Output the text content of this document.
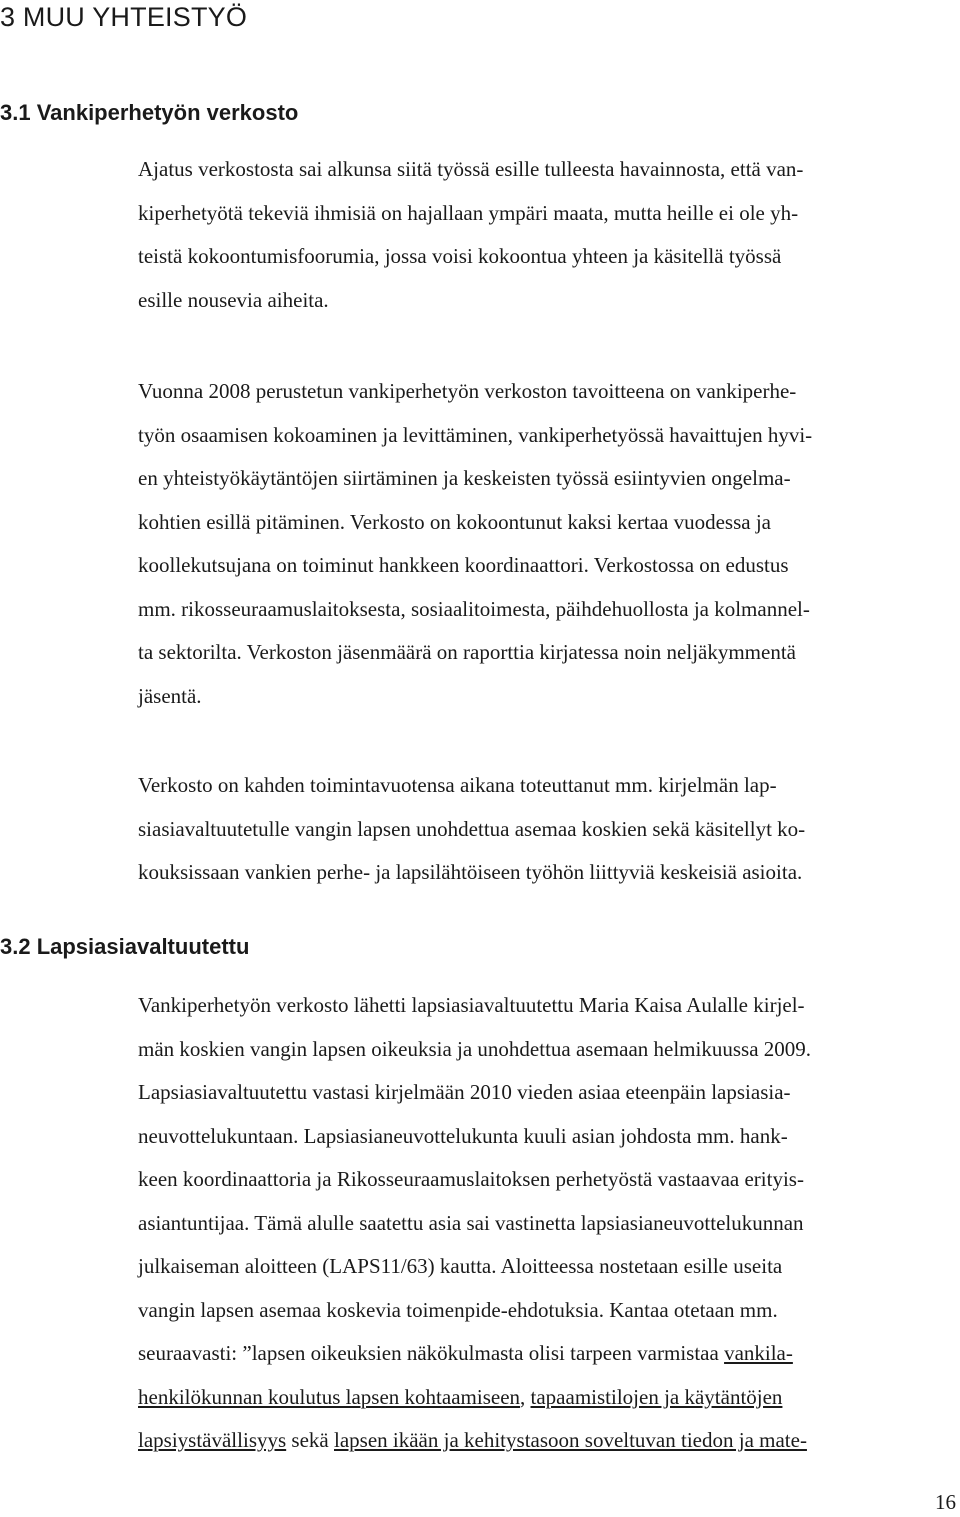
3 MUU YHTEISTYÖ
3.1 Vankiperhetyön verkosto

Ajatus verkostosta sai alkunsa siitä työssä esille tulleesta havainnosta, että van-
kiperhetyötä tekeviä ihmisiä on hajallaan ympäri maata, mutta heille ei ole yh-
teistä kokoontumisfoorumia, jossa voisi kokoontua yhteen ja käsitellä työssä
esille nousevia aiheita.

Vuonna 2008 perustetun vankiperhetyön verkoston tavoitteena on vankiperhe-
työn osaamisen kokoaminen ja levittäminen, vankiperhetyössä havaittujen hyvi-
en yhteistyökäytäntöjen siirtäminen ja keskeisten työssä esiintyvien ongelma-
kohtien esillä pitäminen. Verkosto on kokoontunut kaksi kertaa vuodessa ja
koollekutsujana on toiminut hankkeen koordinaattori. Verkostossa on edustus
mm. rikosseuraamuslaitoksesta, sosiaalitoimesta, päihdehuollosta ja kolmannel-
ta sektorilta. Verkoston jäsenmäärä on raporttia kirjatessa noin neljäkymmentä
jäsentä.

Verkosto on kahden toimintavuotensa aikana toteuttanut mm. kirjelmän lap-
siasiavaltuutetulle vangin lapsen unohdettua asemaa koskien sekä käsitellyt ko-
kouksissaan vankien perhe- ja lapsilähtöiseen työhön liittyviä keskeisiä asioita.

3.2 Lapsiasiavaltuutettu

Vankiperhetyön verkosto lähetti lapsiasiavaltuutettu Maria Kaisa Aulalle kirjel-
män koskien vangin lapsen oikeuksia ja unohdettua asemaan helmikuussa 2009.
Lapsiasiavaltuutettu vastasi kirjelmään 2010 vieden asiaa eteenpäin lapsiasia-
neuvottelukuntaan. Lapsiasianeuvottelukunta kuuli asian johdosta mm. hank-
keen koordinaattoria ja Rikosseuraamuslaitoksen perhetyöstä vastaavaa erityis-
asiantuntijaa. Tämä alulle saatettu asia sai vastinetta lapsiasianeuvottelukunnan
julkaiseman aloitteen (LAPS11/63) kautta. Aloitteessa nostetaan esille useita
vangin lapsen asemaa koskevia toimenpide-ehdotuksia. Kantaa otetaan mm.
seuraavasti: ”lapsen oikeuksien näkökulmasta olisi tarpeen varmistaa vankila-
henkilökunnan koulutus lapsen kohtaamiseen, tapaamistilojen ja käytäntöjen
lapsiystävällisyys sekä lapsen ikään ja kehitystasoon soveltuvan tiedon ja mate-

16
